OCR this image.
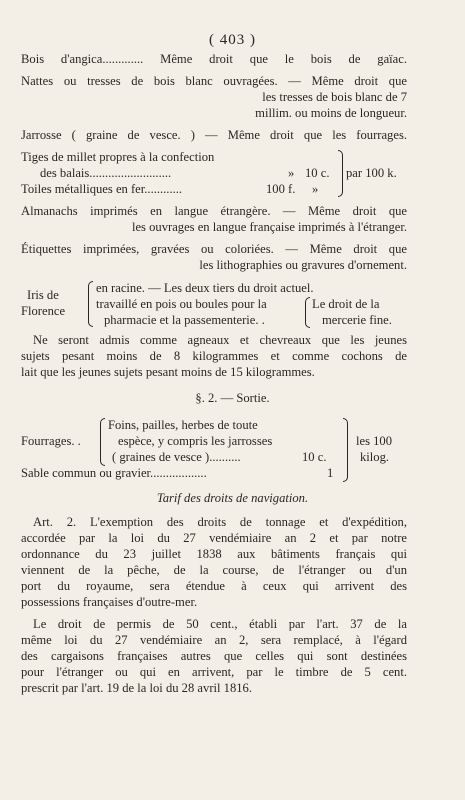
( 403 )
Bois d'angica............. Même droit que le bois de gaïac.
Nattes ou tresses de bois blanc ouvragées. — Même droit que
les tresses de bois blanc de 7
millim. ou moins de longueur.
Jarrosse ( graine de vesce. ) — Même droit que les fourrages.
Tiges de millet propres à la confection
des balais..........................	» 10 c.
Toiles métalliques en fer............	100 f. »
par 100 k.
Almanachs imprimés en langue étrangère. — Même droit que
les ouvrages en langue française imprimés à l'étranger.
Étiquettes imprimées, gravées ou coloriées. — Même droit que
les lithographies ou gravures d'ornement.
Iris de
Florence
en racine. — Les deux tiers du droit actuel.
travaillé en pois ou boules pour la
pharmacie et la passementerie. .
Le droit de la
mercerie fine.
Ne seront admis comme agneaux et chevreaux que les jeunes
sujets pesant moins de 8 kilogrammes et comme cochons de
lait que les jeunes sujets pesant moins de 15 kilogrammes.
§. 2. — Sortie.
Fourrages. .
Foins, pailles, herbes de toute
espèce, y compris les jarrosses
( graines de vesce )..........	10 c.
les 100
kilog.
Sable commun ou gravier..................	1
Tarif des droits de navigation.
Art. 2. L'exemption des droits de tonnage et d'expédition,
accordée par la loi du 27 vendémiaire an 2 et par notre
ordonnance du 23 juillet 1838 aux bâtiments français qui
viennent de la pêche, de la course, de l'étranger ou d'un
port du royaume, sera étendue à ceux qui arrivent des
possessions françaises d'outre-mer.
Le droit de permis de 50 cent., établi par l'art. 37 de la
même loi du 27 vendémiaire an 2, sera remplacé, à l'égard
des cargaisons françaises autres que celles qui sont destinées
pour l'étranger ou qui en arrivent, par le timbre de 5 cent.
prescrit par l'art. 19 de la loi du 28 avril 1816.
